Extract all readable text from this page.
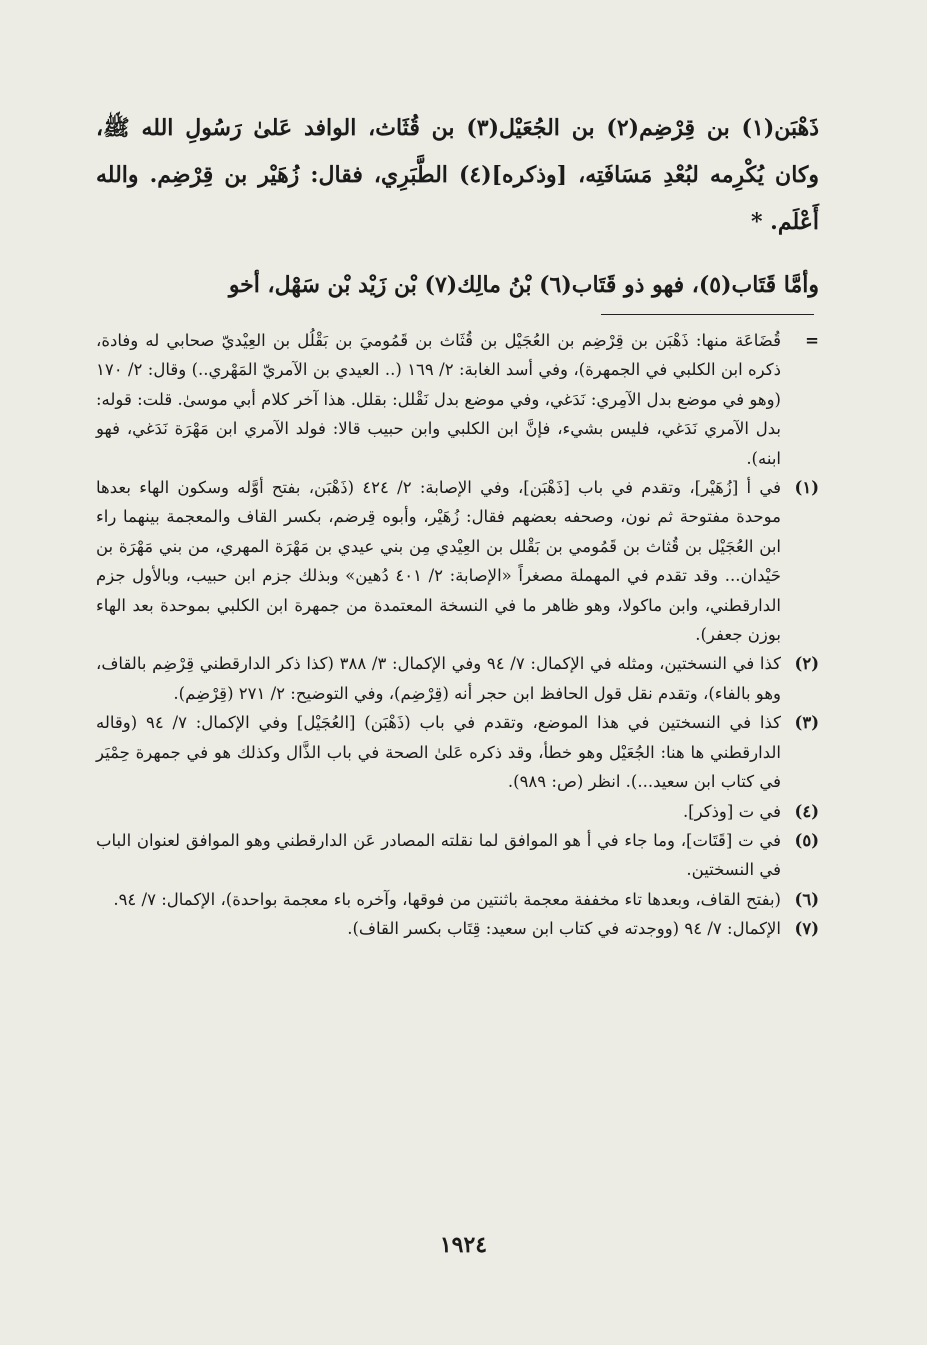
ذَهْبَن(١) بن قِرْضِم(٢) بن الجُعَيْل(٣) بن قُثَاث، الوافد عَلىٰ رَسُولِ الله ﷺ، وكان يُكْرِمه لبُعْدِ مَسَافَتِه، [وذكره](٤) الطَّبَرِي، فقال: زُهَيْر بن قِرْضِم. والله أَعْلَم. *

وأمَّا قَتَاب(٥)، فهو ذو قَتَاب(٦) بْنُ مالِك(٧) بْن زَيْد بْن سَهْل، أخو

=
قُضَاعَة منها: ذَهْبَن بن قِرْضِم بن العُجَيْل بن قُثَاث بن قَمُوميَ بن بَقْلُل بن العِيْديّ صحابي له وفادة، ذكره ابن الكلبي في الجمهرة)، وفي أسد الغابة: ٢/ ١٦٩ (.. العيدي بن الآمريّ المَهْري..) وقال: ٢/ ١٧٠ (وهو في موضع بدل الآمِري: نَدَغي، وفي موضع بدل نَقْلل: بقلل. هذا آخر كلام أبي موسىٰ. قلت: قوله: بدل الآمري نَدَغي، فليس بشيء، فإنَّ ابن الكلبي وابن حبيب قالا: فولد الآمري ابن مَهْرَة نَدَغي، فهو ابنه).

(١)
في أ [زُهَيْر]، وتقدم في باب [ذَهْبَن]، وفي الإصابة: ٢/ ٤٢٤ (ذَهْبَن، بفتح أوَّله وسكون الهاء بعدها موحدة مفتوحة ثم نون، وصحفه بعضهم فقال: زُهَيْر، وأبوه قِرضم، بكسر القاف والمعجمة بينهما راء ابن العُجَيْل بن قُثاث بن قَمُومي بن بَقْلل بن العِيْدي مِن بني عيدي بن مَهْرَة المهري، من بني مَهْرَة بن حَيْدان... وقد تقدم في المهملة مصغراً «الإصابة: ٢/ ٤٠١ دُهين» وبذلك جزم ابن حبيب، وبالأول جزم الدارقطني، وابن ماكولا، وهو ظاهر ما في النسخة المعتمدة من جمهرة ابن الكلبي بموحدة بعد الهاء بوزن جعفر).

(٢)
كذا في النسختين، ومثله في الإكمال: ٧/ ٩٤ وفي الإكمال: ٣/ ٣٨٨ (كذا ذكر الدارقطني قِرْضِم بالقاف، وهو بالفاء)، وتقدم نقل قول الحافظ ابن حجر أنه (قِرْضِم)، وفي التوضيح: ٢/ ٢٧١ (قِرْضِم).

(٣)
كذا في النسختين في هذا الموضع، وتقدم في باب (ذَهْبَن) [العُجَيْل] وفي الإكمال: ٧/ ٩٤ (وقاله الدارقطني ها هنا: الجُعَيْل وهو خطأ، وقد ذكره عَلىٰ الصحة في باب الذَّال وكذلك هو في جمهرة حِمْيَر في كتاب ابن سعيد...). انظر (ص: ٩٨٩).

(٤)
في ت [وذكر].

(٥)
في ت [قَتَات]، وما جاء في أ هو الموافق لما نقلته المصادر عَن الدارقطني وهو الموافق لعنوان الباب في النسختين.

(٦)
(بفتح القاف، وبعدها تاء مخففة معجمة باثنتين من فوقها، وآخره باء معجمة بواحدة)، الإكمال: ٧/ ٩٤.

(٧)
الإكمال: ٧/ ٩٤ (ووجدته في كتاب ابن سعيد: قِتَاب بكسر القاف).

١٩٢٤
